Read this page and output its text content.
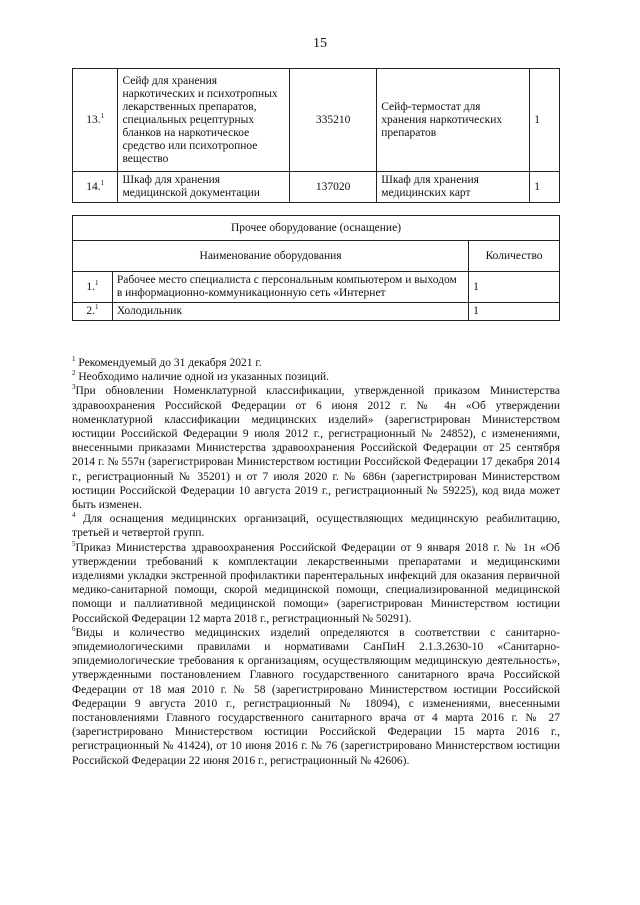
15
13.$^1$	Сейф для хранения наркотических и психотропных лекарственных препаратов, специальных рецептурных бланков на наркотическое средство или психотропное вещество	335210	Сейф-термостат для хранения наркотических препаратов	1
14.$^1$	Шкаф для хранения медицинской документации	137020	Шкаф для хранения медицинских карт	1
Прочее оборудование (оснащение)		
Наименование оборудования		Количество
1.$^1$	Рабочее место специалиста с персональным компьютером и выходом в информационно-коммуникационную сеть «Интернет	1
2.$^1$	Холодильник	1

$^1$ Рекомендуемый до 31 декабря 2021 г.

$^2$ Необходимо наличие одной из указанных позиций.

$^3$При обновлении Номенклатурной классификации, утвержденной приказом Министерства здравоохранения Российской Федерации от 6 июня 2012 г. № 4н «Об утверждении номенклатурной классификации медицинских изделий» (зарегистрирован Министерством юстиции Российской Федерации 9 июля 2012 г., регистрационный № 24852), с изменениями, внесенными приказами Министерства здравоохранения Российской Федерации от 25 сентября 2014 г. № 557н (зарегистрирован Министерством юстиции Российской Федерации 17 декабря 2014 г., регистрационный № 35201) и от 7 июля 2020 г. № 686н (зарегистрирован Министерством юстиции Российской Федерации 10 августа 2019 г., регистрационный № 59225), код вида может быть изменен.

$^4$ Для оснащения медицинских организаций, осуществляющих медицинскую реабилитацию, третьей и четвертой групп.

$^5$Приказ Министерства здравоохранения Российской Федерации от 9 января 2018 г. № 1н «Об утверждении требований к комплектации лекарственными препаратами и медицинскими изделиями укладки экстренной профилактики парентеральных инфекций для оказания первичной медико-санитарной помощи, скорой медицинской помощи, специализированной медицинской помощи и паллиативной медицинской помощи» (зарегистрирован Министерством юстиции Российской Федерации 12 марта 2018 г., регистрационный № 50291).

$^6$Виды и количество медицинских изделий определяются в соответствии с санитарно-эпидемиологическими правилами и нормативами СанПиН 2.1.3.2630-10 «Санитарно-эпидемиологические требования к организациям, осуществляющим медицинскую деятельность», утвержденными постановлением Главного государственного санитарного врача Российской Федерации от 18 мая 2010 г. № 58 (зарегистрировано Министерством юстиции Российской Федерации 9 августа 2010 г., регистрационный № 18094), с изменениями, внесенными постановлениями Главного государственного санитарного врача от 4 марта 2016 г. № 27 (зарегистрировано Министерством юстиции Российской Федерации 15 марта 2016 г., регистрационный № 41424), от 10 июня 2016 г. № 76 (зарегистрировано Министерством юстиции Российской Федерации 22 июня 2016 г., регистрационный № 42606).
